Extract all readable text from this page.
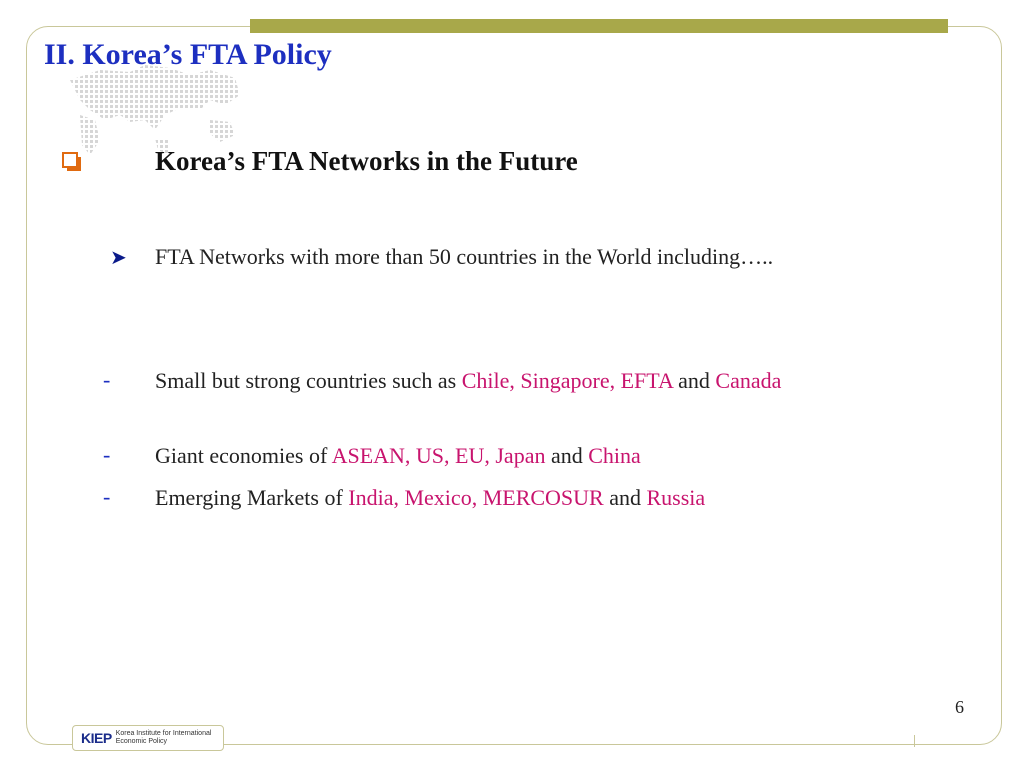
II. Korea’s FTA Policy
Korea’s FTA Networks in the Future
➤ FTA Networks with more than 50 countries in the World including…..
- Small but strong countries such as Chile, Singapore, EFTA and Canada
- Giant economies of ASEAN, US, EU, Japan and China
- Emerging Markets of India, Mexico, MERCOSUR and Russia
6
KIEP Korea Institute for International
Economic Policy
